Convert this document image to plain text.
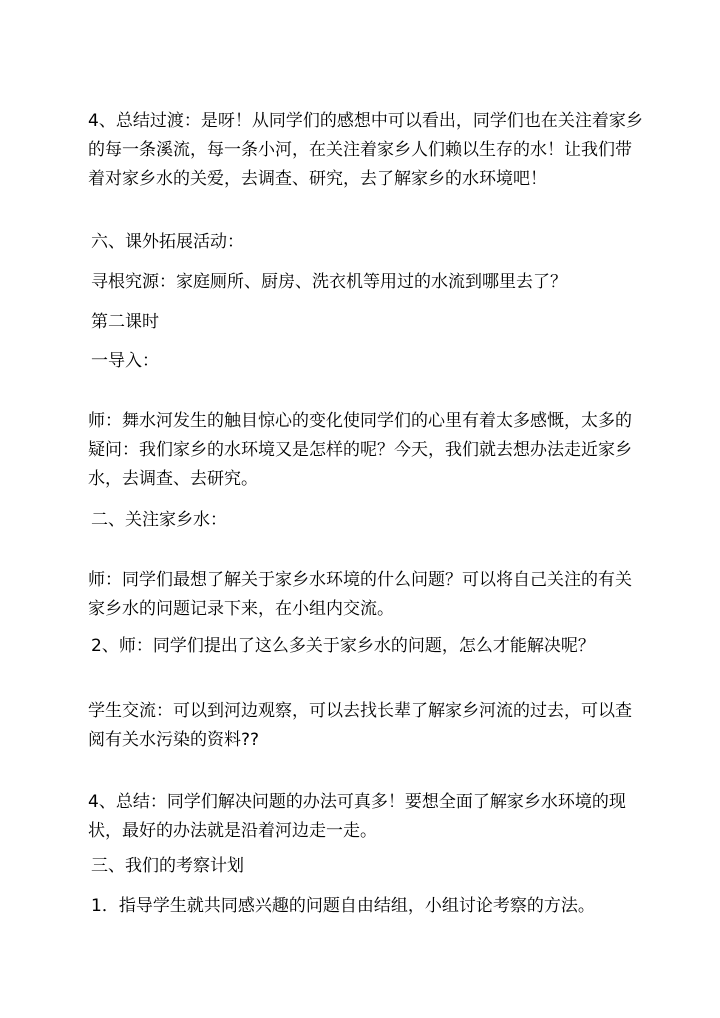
4、总结过渡：是呀！从同学们的感想中可以看出，同学们也在关注着家乡的每一条溪流，每一条小河，在关注着家乡人们赖以生存的水！让我们带着对家乡水的关爱，去调查、研究，去了解家乡的水环境吧！

六、课外拓展活动：

寻根究源：家庭厕所、厨房、洗衣机等用过的水流到哪里去了？

第二课时

一导入：

师：舞水河发生的触目惊心的变化使同学们的心里有着太多感慨，太多的疑问：我们家乡的水环境又是怎样的呢？今天，我们就去想办法走近家乡水，去调查、去研究。

二、关注家乡水：

师：同学们最想了解关于家乡水环境的什么问题？可以将自己关注的有关家乡水的问题记录下来，在小组内交流。

2、师：同学们提出了这么多关于家乡水的问题，怎么才能解决呢？

学生交流：可以到河边观察，可以去找长辈了解家乡河流的过去，可以查阅有关水污染的资料??

4、总结：同学们解决问题的办法可真多！要想全面了解家乡水环境的现状，最好的办法就是沿着河边走一走。

三、我们的考察计划

1．指导学生就共同感兴趣的问题自由结组，小组讨论考察的方法。
